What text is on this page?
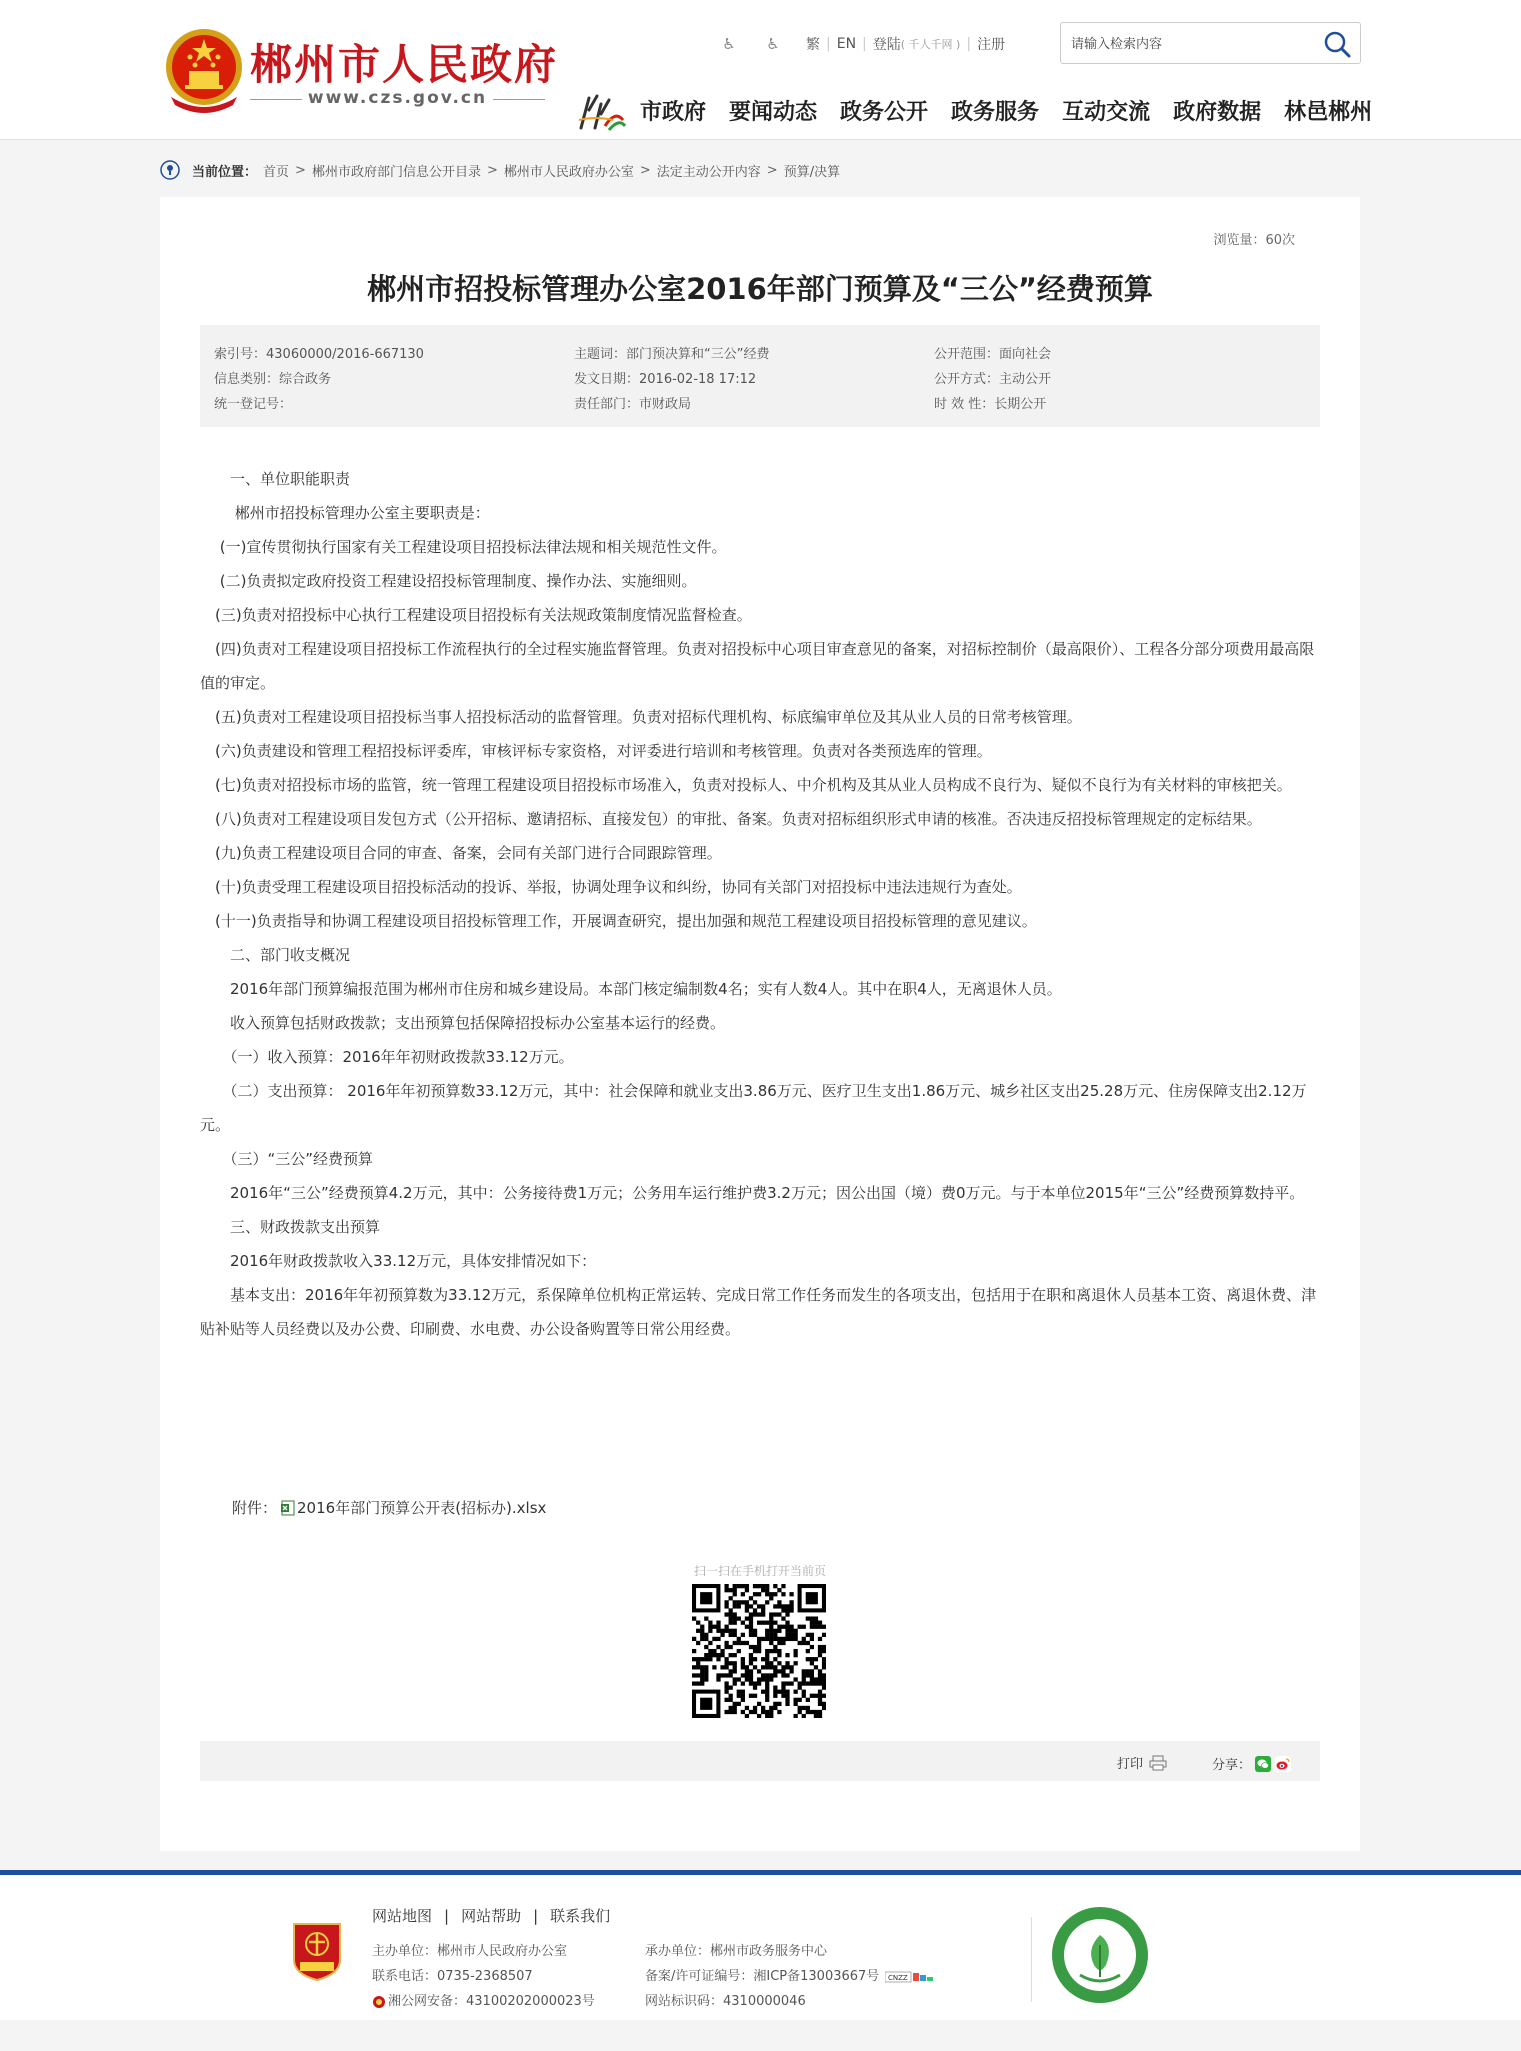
郴州市人民政府
www.czs.gov.cn
♿ ♿	繁 | EN | 登陆 ( 千人千网 ) | 注册
请输入检索内容
市政府 要闻动态 政务公开 政务服务 互动交流 政府数据 林邑郴州
当前位置： 首页 > 郴州市政府部门信息公开目录 > 郴州市人民政府办公室 > 法定主动公开内容 > 预算/决算
浏览量：60次
郴州市招投标管理办公室2016年部门预算及“三公”经费预算
索引号：43060000/2016-667130
信息类别：综合政务
统一登记号：
主题词：部门预决算和“三公”经费
发文日期：2016-02-18 17:12
责任部门：市财政局
公开范围：面向社会
公开方式：主动公开
时 效 性：长期公开

　　一、单位职能职责

　　 郴州市招投标管理办公室主要职责是：

　 (一)宣传贯彻执行国家有关工程建设项目招投标法律法规和相关规范性文件。

　 (二)负责拟定政府投资工程建设招投标管理制度、操作办法、实施细则。

　(三)负责对招投标中心执行工程建设项目招投标有关法规政策制度情况监督检查。

　(四)负责对工程建设项目招投标工作流程执行的全过程实施监督管理。负责对招投标中心项目审查意见的备案，对招标控制价（最高限价）、工程各分部分项费用最高限值的审定。

　(五)负责对工程建设项目招投标当事人招投标活动的监督管理。负责对招标代理机构、标底编审单位及其从业人员的日常考核管理。

　(六)负责建设和管理工程招投标评委库，审核评标专家资格，对评委进行培训和考核管理。负责对各类预选库的管理。

　(七)负责对招投标市场的监管，统一管理工程建设项目招投标市场准入，负责对投标人、中介机构及其从业人员构成不良行为、疑似不良行为有关材料的审核把关。

　(八)负责对工程建设项目发包方式（公开招标、邀请招标、直接发包）的审批、备案。负责对招标组织形式申请的核准。否决违反招投标管理规定的定标结果。

　(九)负责工程建设项目合同的审查、备案，会同有关部门进行合同跟踪管理。

　(十)负责受理工程建设项目招投标活动的投诉、举报，协调处理争议和纠纷，协同有关部门对招投标中违法违规行为查处。

　(十一)负责指导和协调工程建设项目招投标管理工作，开展调查研究，提出加强和规范工程建设项目招投标管理的意见建议。

　　二、部门收支概况

　　2016年部门预算编报范围为郴州市住房和城乡建设局。本部门核定编制数4名；实有人数4人。其中在职4人，无离退休人员。

　　收入预算包括财政拨款；支出预算包括保障招投标办公室基本运行的经费。

　　（一）收入预算：2016年年初财政拨款33.12万元。

　　（二）支出预算： 2016年年初预算数33.12万元，其中：社会保障和就业支出3.86万元、医疗卫生支出1.86万元、城乡社区支出25.28万元、住房保障支出2.12万元。

　　（三）“三公”经费预算

　　2016年“三公”经费预算4.2万元，其中：公务接待费1万元；公务用车运行维护费3.2万元；因公出国（境）费0万元。与于本单位2015年“三公”经费预算数持平。

　　三、财政拨款支出预算

　　2016年财政拨款收入33.12万元，具体安排情况如下：

　　基本支出：2016年年初预算数为33.12万元，系保障单位机构正常运转、完成日常工作任务而发生的各项支出，包括用于在职和离退休人员基本工资、离退休费、津贴补贴等人员经费以及办公费、印刷费、水电费、办公设备购置等日常公用经费。

附件： 2016年部门预算公开表(招标办).xlsx
扫一扫在手机打开当前页
打印	分享：
网站地图 | 网站帮助 | 联系我们
主办单位：郴州市人民政府办公室
联系电话：0735-2368507
湘公网安备：43100202000023号
承办单位：郴州市政务服务中心
备案/许可证编号：湘ICP备13003667号 CNZZ
网站标识码：4310000046
